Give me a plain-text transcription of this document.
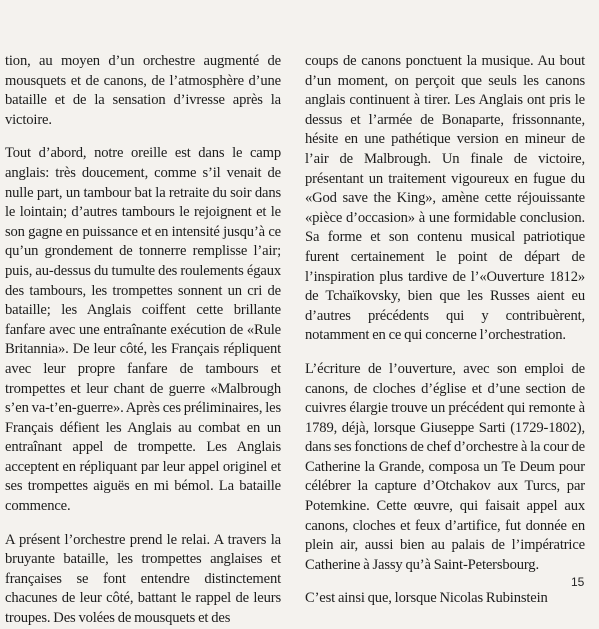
tion, au moyen d’un orchestre augmenté de mousquets et de canons, de l’atmosphère d’une bataille et de la sensation d’ivresse après la victoire.

Tout d’abord, notre oreille est dans le camp anglais: très doucement, comme s’il venait de nulle part, un tambour bat la retraite du soir dans le lointain; d’autres tambours le rejoignent et le son gagne en puissance et en intensité jusqu’à ce qu’un grondement de tonnerre remplisse l’air; puis, au-dessus du tumulte des roulements égaux des tambours, les trompettes sonnent un cri de bataille; les Anglais coiffent cette brillante fanfare avec une entraînante exécution de «Rule Britannia». De leur côté, les Français répliquent avec leur propre fanfare de tambours et trompettes et leur chant de guerre «Malbrough s’en va-t’en-guerre». Après ces préliminaires, les Français défient les Anglais au combat en un entraînant appel de trompette. Les Anglais acceptent en répliquant par leur appel originel et ses trompettes aiguës en mi bémol. La bataille commence.

A présent l’orchestre prend le relai. A travers la bruyante bataille, les trompettes anglaises et françaises se font entendre distinctement chacunes de leur côté, battant le rappel de leurs troupes. Des volées de mousquets et des

coups de canons ponctuent la musique. Au bout d’un moment, on perçoit que seuls les canons anglais continuent à tirer. Les Anglais ont pris le dessus et l’armée de Bonaparte, frissonnante, hésite en une pathétique version en mineur de l’air de Malbrough. Un finale de victoire, présentant un traitement vigoureux en fugue du «God save the King», amène cette réjouissante «pièce d’occasion» à une formidable conclusion. Sa forme et son contenu musical patriotique furent certainement le point de départ de l’inspiration plus tardive de l’«Ouverture 1812» de Tchaïkovsky, bien que les Russes aient eu d’autres précédents qui y contribuèrent, notamment en ce qui concerne l’orchestration.

L’écriture de l’ouverture, avec son emploi de canons, de cloches d’église et d’une section de cuivres élargie trouve un précédent qui remonte à 1789, déjà, lorsque Giuseppe Sarti (1729-1802), dans ses fonctions de chef d’orchestre à la cour de Catherine la Grande, composa un Te Deum pour célébrer la capture d’Otchakov aux Turcs, par Potemkine. Cette œuvre, qui faisait appel aux canons, cloches et feux d’artifice, fut donnée en plein air, aussi bien au palais de l’impératrice Catherine à Jassy qu’à Saint-Petersbourg.

C’est ainsi que, lorsque Nicolas Rubinstein

15
